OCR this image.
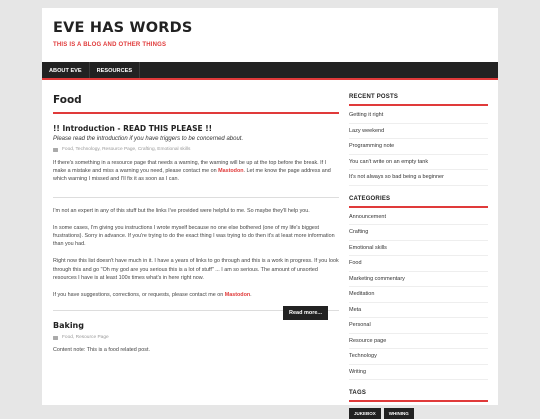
EVE HAS WORDS
THIS IS A BLOG AND OTHER THINGS
ABOUT EVE	RESOURCES
Food
!! Introduction - READ THIS PLEASE !!
Please read the introduction if you have triggers to be concerned about.
Food, Technology, Resource Page, Crafting, Emotional skills
If there's something in a resource page that needs a warning, the warning will be up at the top before the break. If I make a mistake and miss a warning you need, please contact me on Mastodon. Let me know the page address and which warning I missed and I'll fix it as soon as I can.
I'm not an expert in any of this stuff but the links I've provided were helpful to me. So maybe they'll help you.
In some cases, I'm giving you instructions I wrote myself because no one else bothered (one of my life's biggest frustrations). Sorry in advance. If you're trying to do the exact thing I was trying to do then it's at least more information than you had.
Right now this list doesn't have much in it. I have a years of links to go through and this is a work in progress. If you look through this and go "Oh my god are you serious this is a lot of stuff" ... I am so serious. The amount of unsorted resources I have is at least 100x times what's in here right now.
If you have suggestions, corrections, or requests, please contact me on Mastodon.
Baking
Food, Resource Page
Content note: This is a food related post.
Read more...
RECENT POSTS
Getting it right
Lazy weekend
Programming note
You can't write on an empty tank
It's not always so bad being a beginner
CATEGORIES
Announcement
Crafting
Emotional skills
Food
Marketing commentary
Meditation
Meta
Personal
Resource page
Technology
Writing
TAGS
JUKEBOX	WHINING
